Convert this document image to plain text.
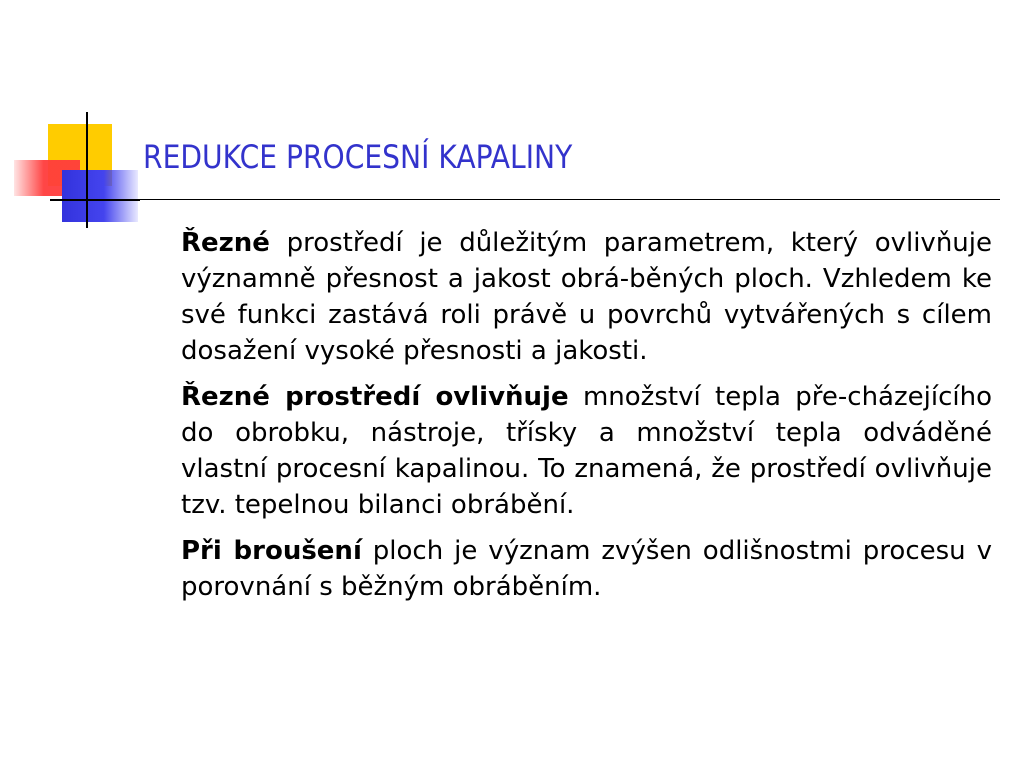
REDUKCE PROCESNÍ KAPALINY

Řezné prostředí je důležitým parametrem, který ovlivňuje významně přesnost a jakost obrá-běných ploch. Vzhledem ke své funkci zastává roli právě u povrchů vytvářených s cílem dosažení vysoké přesnosti a jakosti.

Řezné prostředí ovlivňuje množství tepla pře-cházejícího do obrobku, nástroje, třísky a množství tepla odváděné vlastní procesní kapalinou. To znamená, že prostředí ovlivňuje tzv. tepelnou bilanci obrábění.

Při broušení ploch je význam zvýšen odlišnostmi procesu v porovnání s běžným obráběním.
